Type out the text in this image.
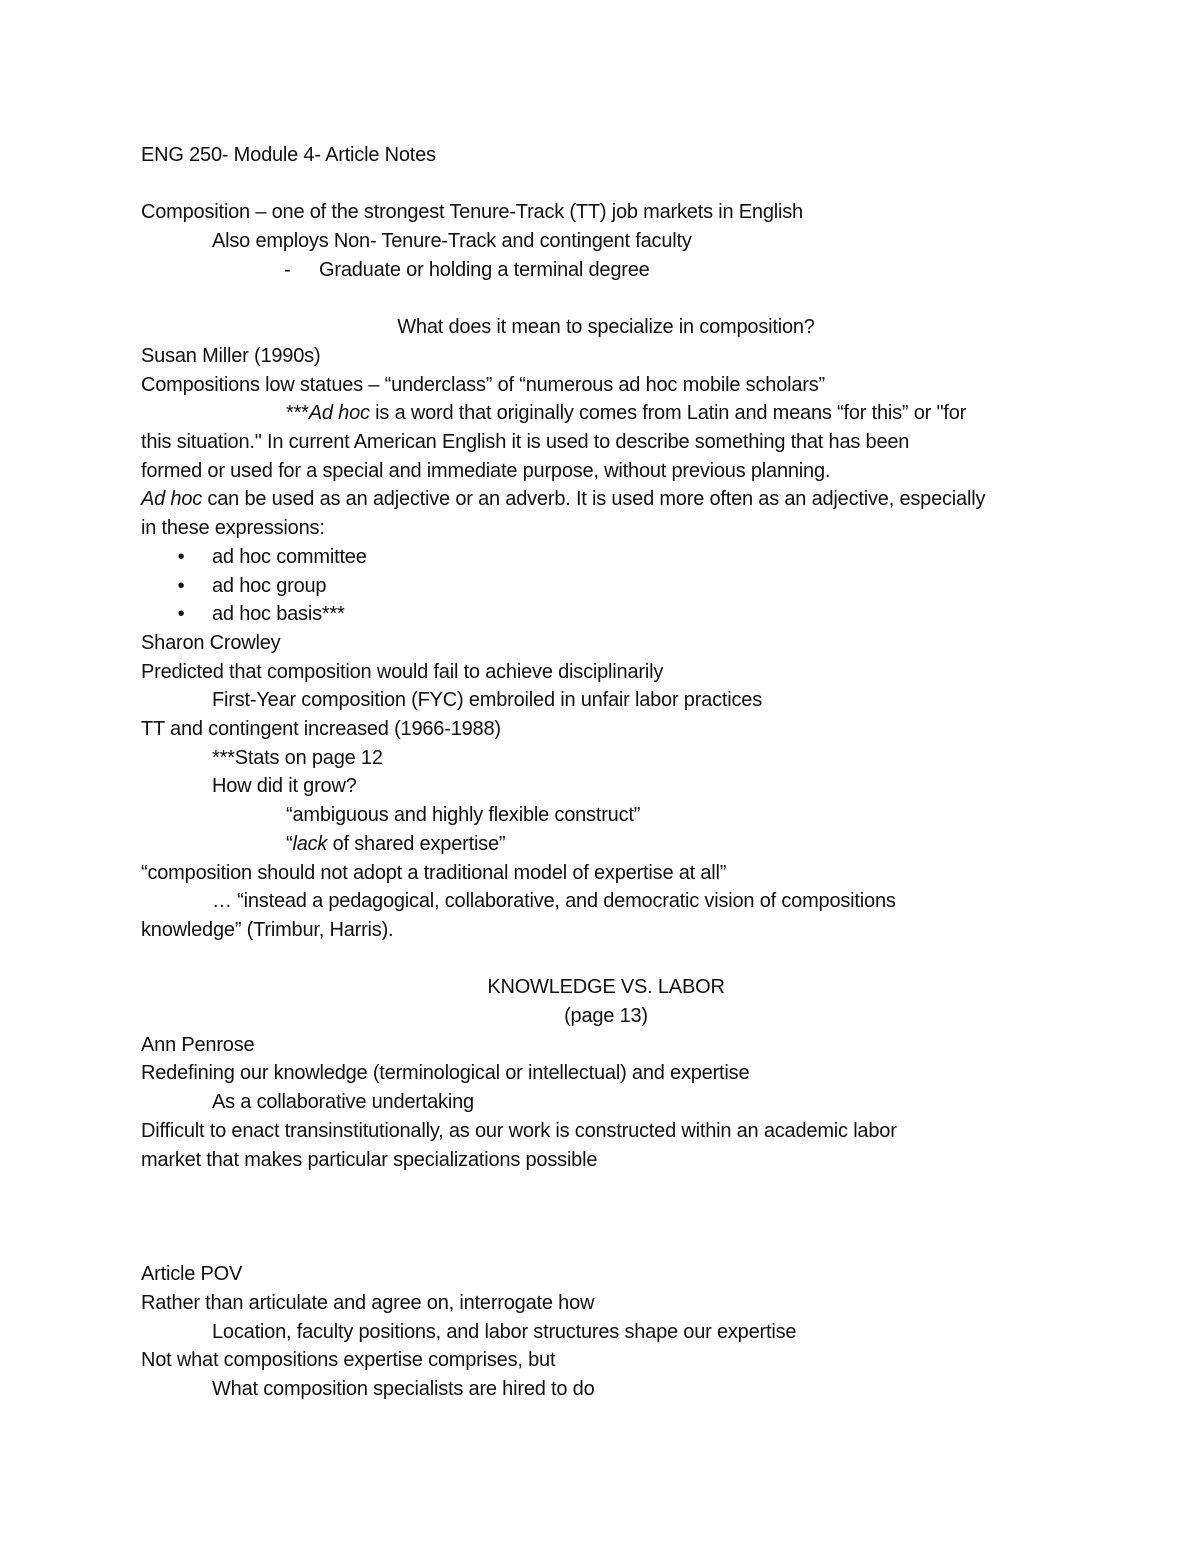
ENG 250- Module 4- Article Notes
Composition – one of the strongest Tenure-Track (TT) job markets in English
Also employs Non- Tenure-Track and contingent faculty
-	Graduate or holding a terminal degree
What does it mean to specialize in composition?
Susan Miller (1990s)
Compositions low statues – “underclass” of “numerous ad hoc mobile scholars”
***Ad hoc is a word that originally comes from Latin and means “for this” or "for
this situation." In current American English it is used to describe something that has been
formed or used for a special and immediate purpose, without previous planning.
Ad hoc can be used as an adjective or an adverb. It is used more often as an adjective, especially
in these expressions:
•	ad hoc committee
•	ad hoc group
•	ad hoc basis***
Sharon Crowley
Predicted that composition would fail to achieve disciplinarily
First-Year composition (FYC) embroiled in unfair labor practices
TT and contingent increased (1966-1988)
***Stats on page 12
How did it grow?
“ambiguous and highly flexible construct”
“lack of shared expertise”
“composition should not adopt a traditional model of expertise at all”
… “instead a pedagogical, collaborative, and democratic vision of compositions
knowledge” (Trimbur, Harris).
KNOWLEDGE VS. LABOR
(page 13)
Ann Penrose
Redefining our knowledge (terminological or intellectual) and expertise
As a collaborative undertaking
Difficult to enact transinstitutionally, as our work is constructed within an academic labor
market that makes particular specializations possible
Article POV
Rather than articulate and agree on, interrogate how
Location, faculty positions, and labor structures shape our expertise
Not what compositions expertise comprises, but
What composition specialists are hired to do
